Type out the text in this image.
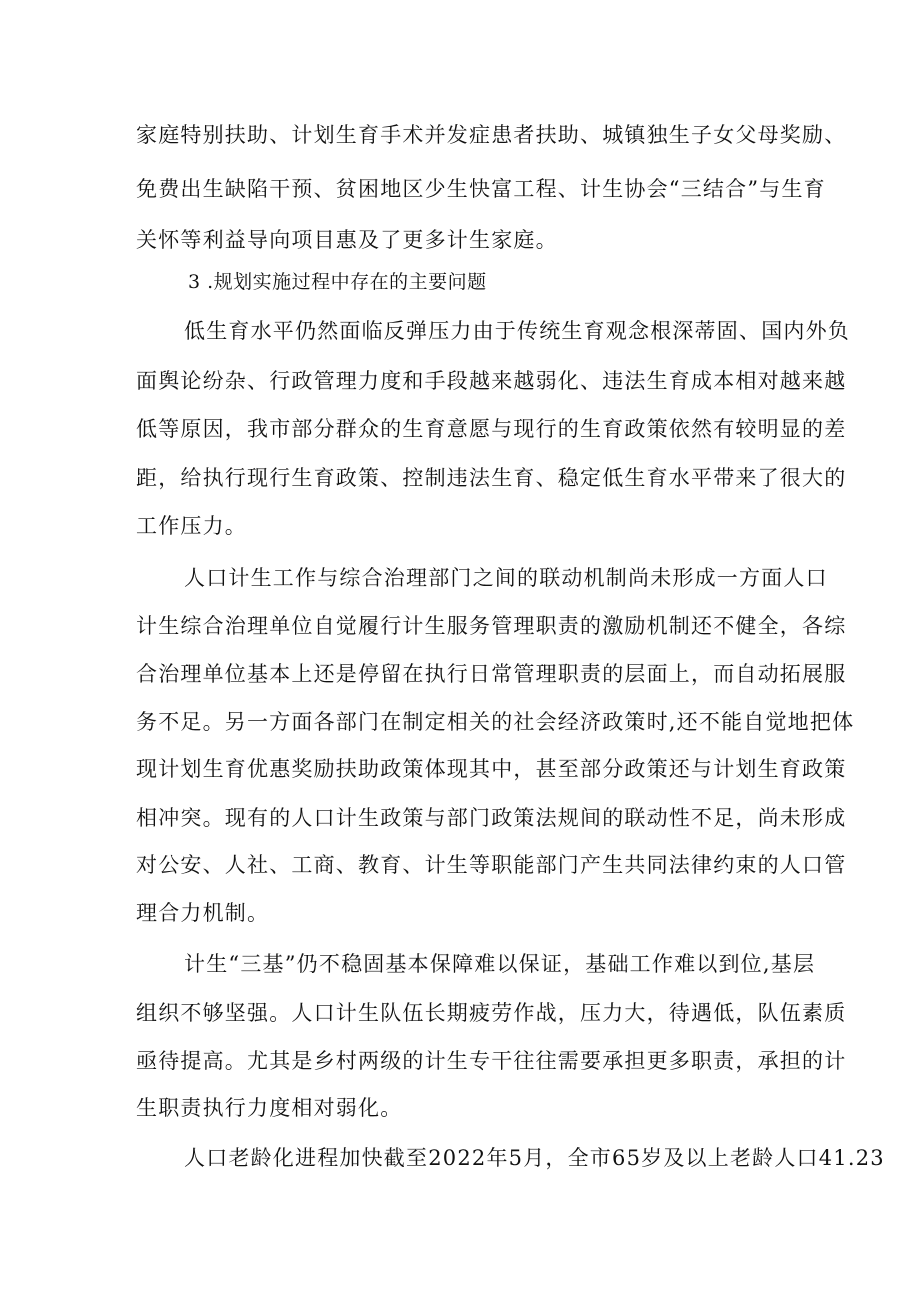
家庭特别扶助、计划生育手术并发症患者扶助、城镇独生子女父母奖励、
免费出生缺陷干预、贫困地区少生快富工程、计生协会“三结合”与生育
关怀等利益导向项目惠及了更多计生家庭。
3 .规划实施过程中存在的主要问题
低生育水平仍然面临反弹压力由于传统生育观念根深蒂固、国内外负
面舆论纷杂、行政管理力度和手段越来越弱化、违法生育成本相对越来越
低等原因，我市部分群众的生育意愿与现行的生育政策依然有较明显的差
距，给执行现行生育政策、控制违法生育、稳定低生育水平带来了很大的
工作压力。
人口计生工作与综合治理部门之间的联动机制尚未形成一方面人口
计生综合治理单位自觉履行计生服务管理职责的激励机制还不健全，各综
合治理单位基本上还是停留在执行日常管理职责的层面上，而自动拓展服
务不足。另一方面各部门在制定相关的社会经济政策时,还不能自觉地把体
现计划生育优惠奖励扶助政策体现其中，甚至部分政策还与计划生育政策
相冲突。现有的人口计生政策与部门政策法规间的联动性不足，尚未形成
对公安、人社、工商、教育、计生等职能部门产生共同法律约束的人口管
理合力机制。
计生“三基”仍不稳固基本保障难以保证，基础工作难以到位,基层
组织不够坚强。人口计生队伍长期疲劳作战，压力大，待遇低，队伍素质
亟待提高。尤其是乡村两级的计生专干往往需要承担更多职责，承担的计
生职责执行力度相对弱化。
人口老龄化进程加快截至2022年5月，全市65岁及以上老龄人口41.23
